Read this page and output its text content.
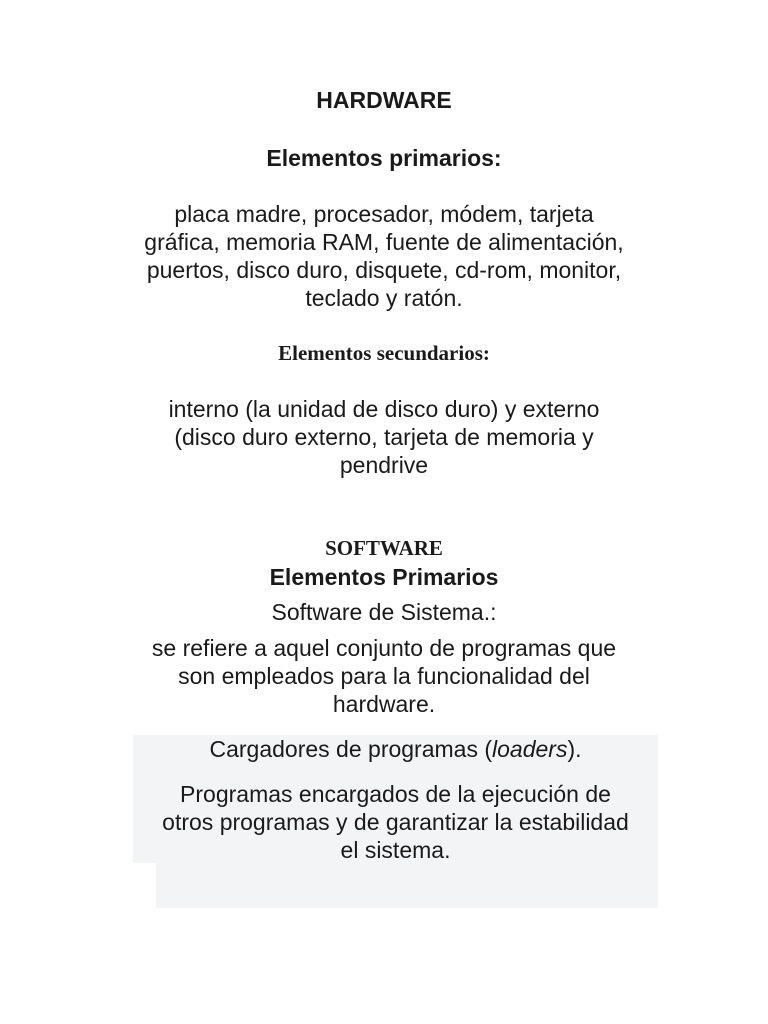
HARDWARE
Elementos primarios:
placa madre, procesador, módem, tarjeta
gráfica, memoria RAM, fuente de alimentación,
puertos, disco duro, disquete, cd-rom, monitor,
teclado y ratón.
Elementos secundarios:
interno (la unidad de disco duro) y externo
(disco duro externo, tarjeta de memoria y
pendrive
SOFTWARE
Elementos Primarios
Software de Sistema.:
se refiere a aquel conjunto de programas que
son empleados para la funcionalidad del
hardware.
Cargadores de programas (loaders).
Programas encargados de la ejecución de
otros programas y de garantizar la estabilidad
el sistema.
